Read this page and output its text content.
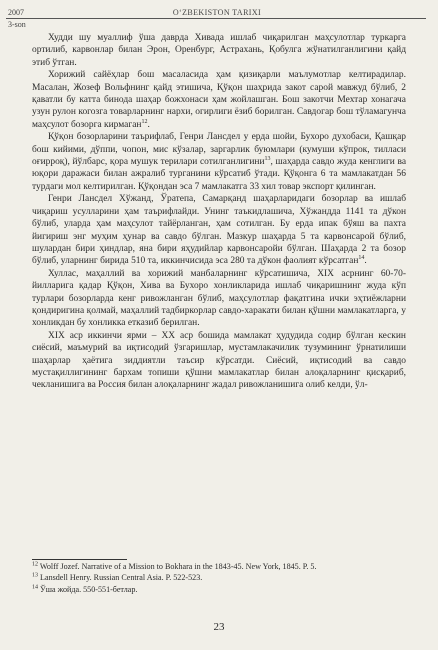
2007	O‘ZBEKISTON TARIXI
3-son

Худди шу муаллиф ўша даврда Хивада ишлаб чиқарилган маҳсулотлар туркарга ортилиб, карвонлар билан Эрон, Оренбург, Астрахань, Қобулга жўнатилганлигини қайд этиб ўтган.

Хорижий сайёҳлар бош масаласида ҳам қизиқарли маълумотлар келтирадилар. Масалан, Жозеф Вольфнинг қайд этишича, Қўқон шаҳрида закот сарой мавжуд бўлиб, 2 қаватли бу катта бинода шаҳар божхонаси ҳам жойлашган. Бош закотчи Мехтар хонагача узун рулон когозга товарларнинг нархи, огирлиги ёзиб борилган. Савдогар бош тўламагунча маҳсулот бозорга кирмаган$^{12}$.

Қўқон бозорларини таърифлаб, Генри Лансдел у ерда шойи, Бухоро духобаси, Қашқар бош кийими, дўппи, чопон, мис кўзалар, заргарлик буюмлари (кумуши кўпрок, тилласи оғирроқ), йўлбарс, қора мушук терилари сотилганлигини$^{13}$, шаҳарда савдо жуда кенглиги ва юқори даражаси билан ажралиб турганини кўрсатиб ўтади. Қўқонга 6 та мамлакатдан 56 турдаги мол келтирилган. Қўқондан эса 7 мамлакатга 33 хил товар экспорт қилинган.

Генри Лансдел Хўжанд, Ўратепа, Самарқанд шаҳарларидаги бозорлар ва ишлаб чиқариш усулларини ҳам таърифлайди. Унинг таъкидлашича, Хўжандда 1141 та дўкон бўлиб, уларда ҳам маҳсулот тайёрланган, ҳам сотилган. Бу ерда ипак бўяш ва пахта йигириш энг муҳим ҳунар ва савдо бўлган. Мазкур шаҳарда 5 та карвонсарой бўлиб, шулардан бири ҳиндлар, яна бири яҳудийлар карвонсаройи бўлган. Шаҳарда 2 та бозор бўлиб, уларнинг бирида 510 та, иккинчисида эса 280 та дўкон фаолият кўрсатган$^{14}$.

Хуллас, маҳаллий ва хорижий манбаларнинг кўрсатишича, XIX асрнинг 60-70-йилларига қадар Қўқон, Хива ва Бухоро хонликларида ишлаб чиқаришнинг жуда кўп турлари бозорларда кенг ривожланган бўлиб, маҳсулотлар фақатгина ички эҳтиёжларни қондиригина қолмай, маҳаллий тадбиркорлар савдо-харакати билан қўшни мамлакатларга, у хонликдан бу хонликка етказиб берилган.

XIX аср иккинчи ярми – XX аср бошида мамлакат ҳудудида содир бўлган кескин сиёсий, маъмурий ва иқтисодий ўзгаришлар, мустамлакачилик тузумининг ўрнатилиши шаҳарлар ҳаётига зиддиятли таъсир кўрсатди. Сиёсий, иқтисодий ва савдо мустақиллигининг бархам топиши қўшни мамлакатлар билан алоқаларнинг қисқариб, чекланишига ва Россия билан алоқаларнинг жадал ривожланишига олиб келди, ўл-

$^{12}$ Wolff Jozef. Narrative of a Mission to Bokhara in the 1843-45. New York, 1845. P. 5.

$^{13}$ Lansdell Henry. Russian Central Asia. P. 522-523.

$^{14}$ Ўша жойда. 550-551-бетлар.

23
